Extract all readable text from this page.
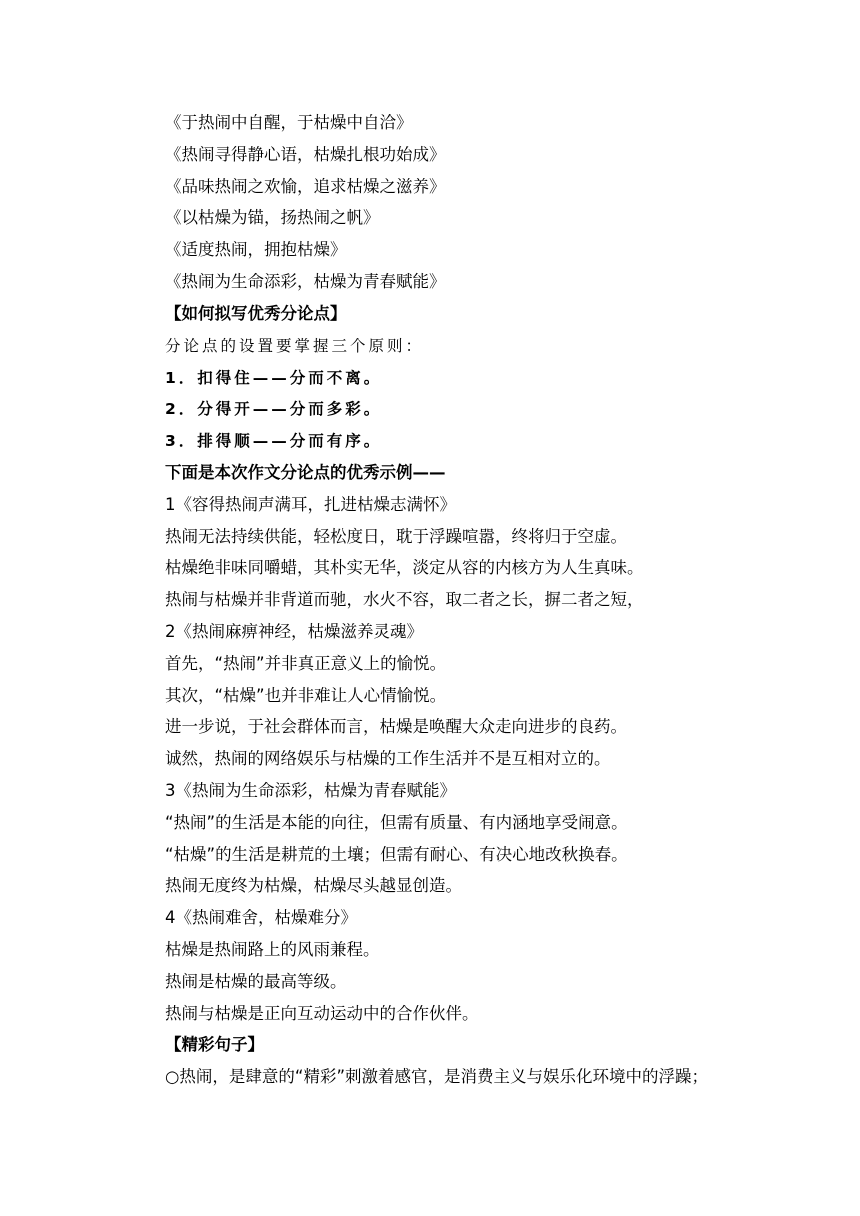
《于热闹中自醒，于枯燥中自洽》
《热闹寻得静心语，枯燥扎根功始成》
《品味热闹之欢愉，追求枯燥之滋养》
《以枯燥为锚，扬热闹之帆》
《适度热闹，拥抱枯燥》
《热闹为生命添彩，枯燥为青春赋能》
【如何拟写优秀分论点】
分论点的设置要掌握三个原则：
1．扣得住——分而不离。
2．分得开——分而多彩。
3．排得顺——分而有序。
下面是本次作文分论点的优秀示例——
1《容得热闹声满耳，扎进枯燥志满怀》
热闹无法持续供能，轻松度日，耽于浮躁喧嚣，终将归于空虚。
枯燥绝非味同嚼蜡，其朴实无华，淡定从容的内核方为人生真味。
热闹与枯燥并非背道而驰，水火不容，取二者之长，摒二者之短，
2《热闹麻痹神经，枯燥滋养灵魂》
首先，“热闹”并非真正意义上的愉悦。
其次，“枯燥”也并非难让人心情愉悦。
进一步说，于社会群体而言，枯燥是唤醒大众走向进步的良药。
诚然，热闹的网络娱乐与枯燥的工作生活并不是互相对立的。
3《热闹为生命添彩，枯燥为青春赋能》
“热闹”的生活是本能的向往，但需有质量、有内涵地享受闹意。
“枯燥”的生活是耕荒的土壤；但需有耐心、有决心地改秋换春。
热闹无度终为枯燥，枯燥尽头越显创造。
4《热闹难舍，枯燥难分》
枯燥是热闹路上的风雨兼程。
热闹是枯燥的最高等级。
热闹与枯燥是正向互动运动中的合作伙伴。
【精彩句子】
○热闹，是肆意的“精彩”刺激着感官，是消费主义与娱乐化环境中的浮躁；
